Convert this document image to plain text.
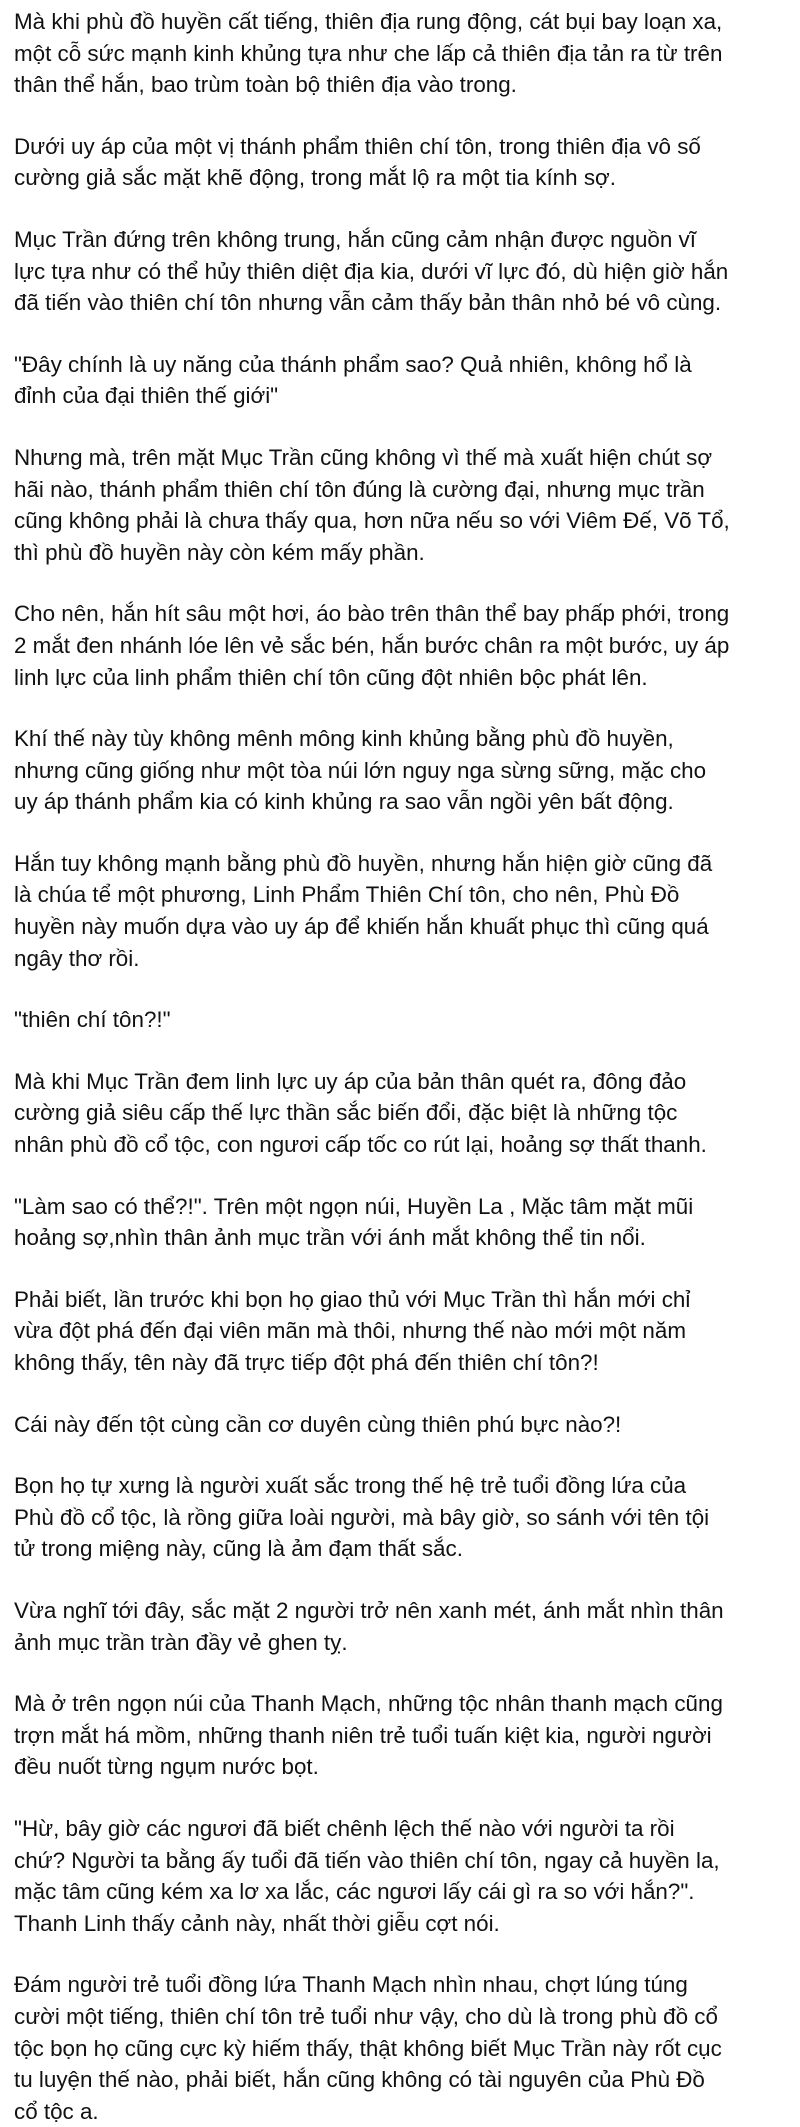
Mà khi phù đồ huyền cất tiếng, thiên địa rung động, cát bụi bay loạn xa,
một cỗ sức mạnh kinh khủng tựa như che lấp cả thiên địa tản ra từ trên
thân thể hắn, bao trùm toàn bộ thiên địa vào trong.

Dưới uy áp của một vị thánh phẩm thiên chí tôn, trong thiên địa vô số
cường giả sắc mặt khẽ động, trong mắt lộ ra một tia kính sợ.

Mục Trần đứng trên không trung, hắn cũng cảm nhận được nguồn vĩ
lực tựa như có thể hủy thiên diệt địa kia, dưới vĩ lực đó, dù hiện giờ hắn
đã tiến vào thiên chí tôn nhưng vẫn cảm thấy bản thân nhỏ bé vô cùng.

"Đây chính là uy năng của thánh phẩm sao? Quả nhiên, không hổ là
đỉnh của đại thiên thế giới"

Nhưng mà, trên mặt Mục Trần cũng không vì thế mà xuất hiện chút sợ
hãi nào, thánh phẩm thiên chí tôn đúng là cường đại, nhưng mục trần
cũng không phải là chưa thấy qua, hơn nữa nếu so với Viêm Đế, Võ Tổ,
thì phù đồ huyền này còn kém mấy phần.

Cho nên, hắn hít sâu một hơi, áo bào trên thân thể bay phấp phới, trong
2 mắt đen nhánh lóe lên vẻ sắc bén, hắn bước chân ra một bước, uy áp
linh lực của linh phẩm thiên chí tôn cũng đột nhiên bộc phát lên.

Khí thế này tùy không mênh mông kinh khủng bằng phù đồ huyền,
nhưng cũng giống như một tòa núi lớn nguy nga sừng sững, mặc cho
uy áp thánh phẩm kia có kinh khủng ra sao vẫn ngồi yên bất động.

Hắn tuy không mạnh bằng phù đồ huyền, nhưng hắn hiện giờ cũng đã
là chúa tể một phương, Linh Phẩm Thiên Chí tôn, cho nên, Phù Đồ
huyền này muốn dựa vào uy áp để khiến hắn khuất phục thì cũng quá
ngây thơ rồi.

"thiên chí tôn?!"

Mà khi Mục Trần đem linh lực uy áp của bản thân quét ra, đông đảo
cường giả siêu cấp thế lực thần sắc biến đổi, đặc biệt là những tộc
nhân phù đồ cổ tộc, con ngươi cấp tốc co rút lại, hoảng sợ thất thanh.

"Làm sao có thể?!". Trên một ngọn núi, Huyền La , Mặc tâm mặt mũi
hoảng sợ,nhìn thân ảnh mục trần với ánh mắt không thể tin nổi.

Phải biết, lần trước khi bọn họ giao thủ với Mục Trần thì hắn mới chỉ
vừa đột phá đến đại viên mãn mà thôi, nhưng thế nào mới một năm
không thấy, tên này đã trực tiếp đột phá đến thiên chí tôn?!

Cái này đến tột cùng cần cơ duyên cùng thiên phú bực nào?!

Bọn họ tự xưng là người xuất sắc trong thế hệ trẻ tuổi đồng lứa của
Phù đồ cổ tộc, là rồng giữa loài người, mà bây giờ, so sánh với tên tội
tử trong miệng này, cũng là ảm đạm thất sắc.

Vừa nghĩ tới đây, sắc mặt 2 người trở nên xanh mét, ánh mắt nhìn thân
ảnh mục trần tràn đầy vẻ ghen tỵ.

Mà ở trên ngọn núi của Thanh Mạch, những tộc nhân thanh mạch cũng
trợn mắt há mồm, những thanh niên trẻ tuổi tuấn kiệt kia, người người
đều nuốt từng ngụm nước bọt.

"Hừ, bây giờ các ngươi đã biết chênh lệch thế nào với người ta rồi
chứ? Người ta bằng ấy tuổi đã tiến vào thiên chí tôn, ngay cả huyền la,
mặc tâm cũng kém xa lơ xa lắc, các ngươi lấy cái gì ra so với hắn?".
Thanh Linh thấy cảnh này, nhất thời giễu cợt nói.

Đám người trẻ tuổi đồng lứa Thanh Mạch nhìn nhau, chợt lúng túng
cười một tiếng, thiên chí tôn trẻ tuổi như vậy, cho dù là trong phù đồ cổ
tộc bọn họ cũng cực kỳ hiếm thấy, thật không biết Mục Trần này rốt cục
tu luyện thế nào, phải biết, hắn cũng không có tài nguyên của Phù Đồ
cổ tộc a.
